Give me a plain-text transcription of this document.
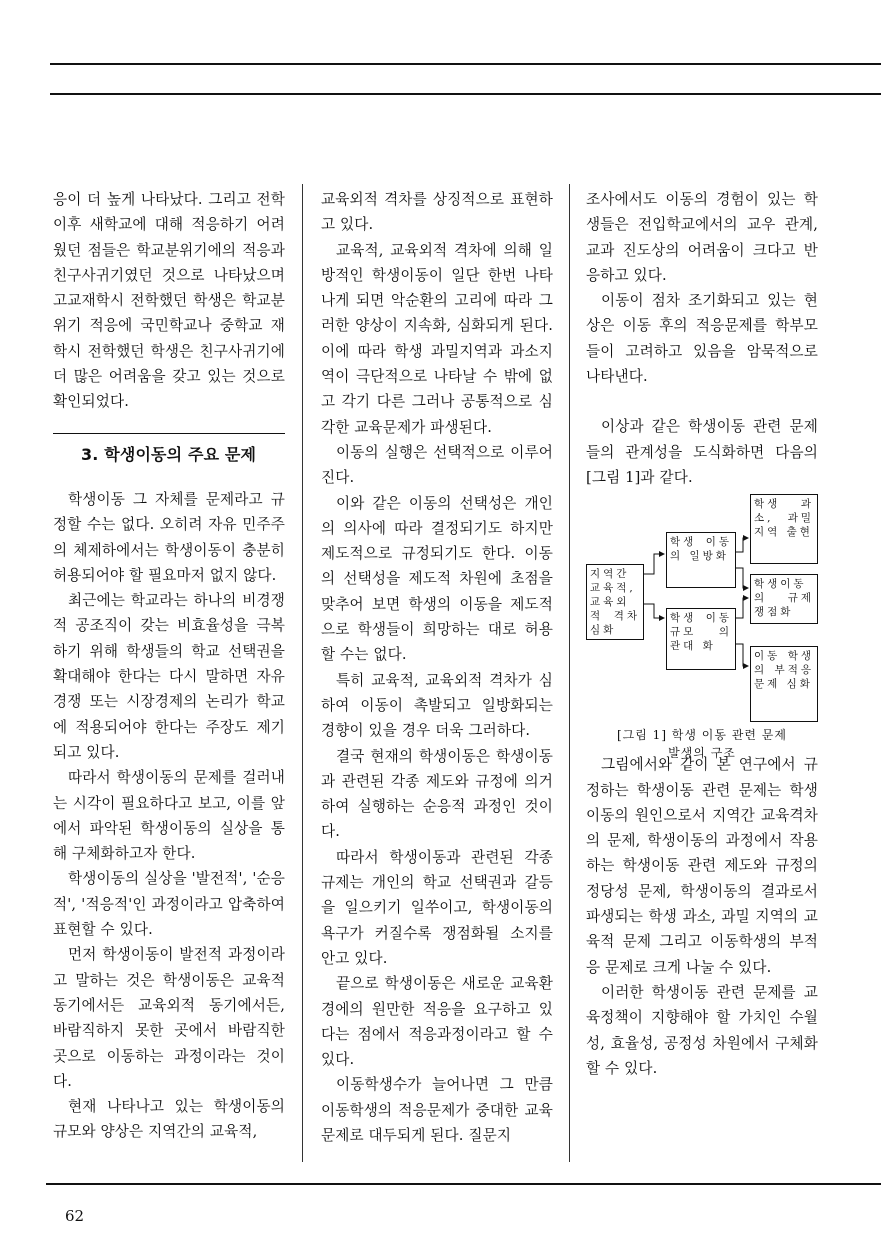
응이 더 높게 나타났다. 그리고 전학 이후 새학교에 대해 적응하기 어려웠던 점들은 학교분위기에의 적응과 친구사귀기였던 것으로 나타났으며 고교재학시 전학했던 학생은 학교분위기 적응에 국민학교나 중학교 재학시 전학했던 학생은 친구사귀기에 더 많은 어려움을 갖고 있는 것으로 확인되었다.

3. 학생이동의 주요 문제

학생이동 그 자체를 문제라고 규정할 수는 없다. 오히려 자유 민주주의 체제하에서는 학생이동이 충분히 허용되어야 할 필요마저 없지 않다.

최근에는 학교라는 하나의 비경쟁적 공조직이 갖는 비효율성을 극복하기 위해 학생들의 학교 선택권을 확대해야 한다는 다시 말하면 자유경쟁 또는 시장경제의 논리가 학교에 적용되어야 한다는 주장도 제기되고 있다.

따라서 학생이동의 문제를 걸러내는 시각이 필요하다고 보고, 이를 앞에서 파악된 학생이동의 실상을 통해 구체화하고자 한다.

학생이동의 실상을 '발전적', '순응적', '적응적'인 과정이라고 압축하여 표현할 수 있다.

먼저 학생이동이 발전적 과정이라고 말하는 것은 학생이동은 교육적 동기에서든 교육외적 동기에서든, 바람직하지 못한 곳에서 바람직한 곳으로 이동하는 과정이라는 것이다.

현재 나타나고 있는 학생이동의 규모와 양상은 지역간의 교육적,

교육외적 격차를 상징적으로 표현하고 있다.

교육적, 교육외적 격차에 의해 일방적인 학생이동이 일단 한번 나타나게 되면 악순환의 고리에 따라 그러한 양상이 지속화, 심화되게 된다. 이에 따라 학생 과밀지역과 과소지역이 극단적으로 나타날 수 밖에 없고 각기 다른 그러나 공통적으로 심각한 교육문제가 파생된다.

이동의 실행은 선택적으로 이루어진다.

이와 같은 이동의 선택성은 개인의 의사에 따라 결정되기도 하지만 제도적으로 규정되기도 한다. 이동의 선택성을 제도적 차원에 초점을 맞추어 보면 학생의 이동을 제도적으로 학생들이 희망하는 대로 허용할 수는 없다.

특히 교육적, 교육외적 격차가 심하여 이동이 촉발되고 일방화되는 경향이 있을 경우 더욱 그러하다.

결국 현재의 학생이동은 학생이동과 관련된 각종 제도와 규정에 의거하여 실행하는 순응적 과정인 것이다.

따라서 학생이동과 관련된 각종 규제는 개인의 학교 선택권과 갈등을 일으키기 일쑤이고, 학생이동의 욕구가 커질수록 쟁점화될 소지를 안고 있다.

끝으로 학생이동은 새로운 교육환경에의 원만한 적응을 요구하고 있다는 점에서 적응과정이라고 할 수 있다.

이동학생수가 늘어나면 그 만큼 이동학생의 적응문제가 중대한 교육 문제로 대두되게 된다. 질문지

조사에서도 이동의 경험이 있는 학생들은 전입학교에서의 교우 관계, 교과 진도상의 어려움이 크다고 반응하고 있다.

이동이 점차 조기화되고 있는 현상은 이동 후의 적응문제를 학부모들이 고려하고 있음을 암묵적으로 나타낸다.

이상과 같은 학생이동 관련 문제들의 관계성을 도식화하면 다음의 [그림 1]과 같다.

지역간 교육적, 교육외적 격차 심화
학생 이동의 일방화
학생 이동 규모 의 관대 화
학생 과소, 과밀 지역 출현
학생이동 의 규제 쟁점화
이동 학생의 부적응 문제 심화
[그림 1] 학생 이동 관련 문제
발생의 구조

그림에서와 같이 본 연구에서 규정하는 학생이동 관련 문제는 학생이동의 원인으로서 지역간 교육격차의 문제, 학생이동의 과정에서 작용하는 학생이동 관련 제도와 규정의 정당성 문제, 학생이동의 결과로서 파생되는 학생 과소, 과밀 지역의 교육적 문제 그리고 이동학생의 부적응 문제로 크게 나눌 수 있다.

이러한 학생이동 관련 문제를 교육정책이 지향해야 할 가치인 수월성, 효율성, 공정성 차원에서 구체화할 수 있다.

62
